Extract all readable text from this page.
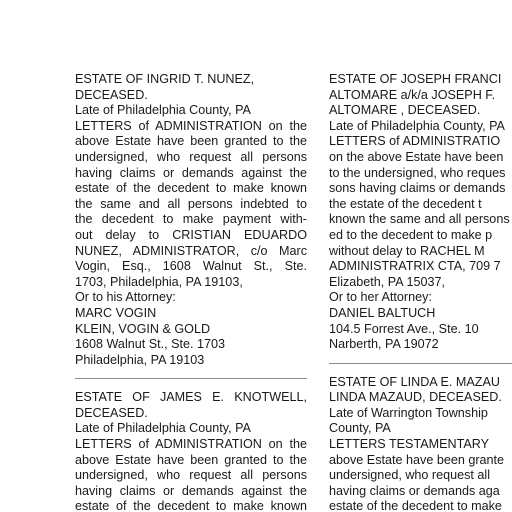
ESTATE OF INGRID T. NUNEZ,
DECEASED.
Late of Philadelphia County, PA
LETTERS of ADMINISTRATION on the
above Estate have been granted to the
undersigned, who request all persons
having claims or demands against the
estate of the decedent to make known
the same and all persons indebted to
the decedent to make payment with-
out delay to CRISTIAN EDUARDO
NUNEZ, ADMINISTRATOR, c/o Marc
Vogin, Esq., 1608 Walnut St., Ste.
1703, Philadelphia, PA 19103,
Or to his Attorney:
MARC VOGIN
KLEIN, VOGIN & GOLD
1608 Walnut St., Ste. 1703
Philadelphia, PA 19103
ESTATE OF JAMES E. KNOTWELL,
DECEASED.
Late of Philadelphia County, PA
LETTERS of ADMINISTRATION on the
above Estate have been granted to the
undersigned, who request all persons
having claims or demands against the
estate of the decedent to make known
ESTATE OF JOSEPH FRANCI
ALTOMARE a/k/a JOSEPH F.
ALTOMARE , DECEASED.
Late of Philadelphia County, PA
LETTERS of ADMINISTRATIO
on the above Estate have been
to the undersigned, who reques
sons having claims or demands
the estate of the decedent t
known the same and all persons
ed to the decedent to make p
without delay to RACHEL M
ADMINISTRATRIX CTA, 709 7
Elizabeth, PA 15037,
Or to her Attorney:
DANIEL BALTUCH
104.5 Forrest Ave., Ste. 10
Narberth, PA 19072
ESTATE OF LINDA E. MAZAU
LINDA MAZAUD, DECEASED.
Late of Warrington Township
County, PA
LETTERS TESTAMENTARY
above Estate have been grante
undersigned, who request all
having claims or demands aga
estate of the decedent to make
